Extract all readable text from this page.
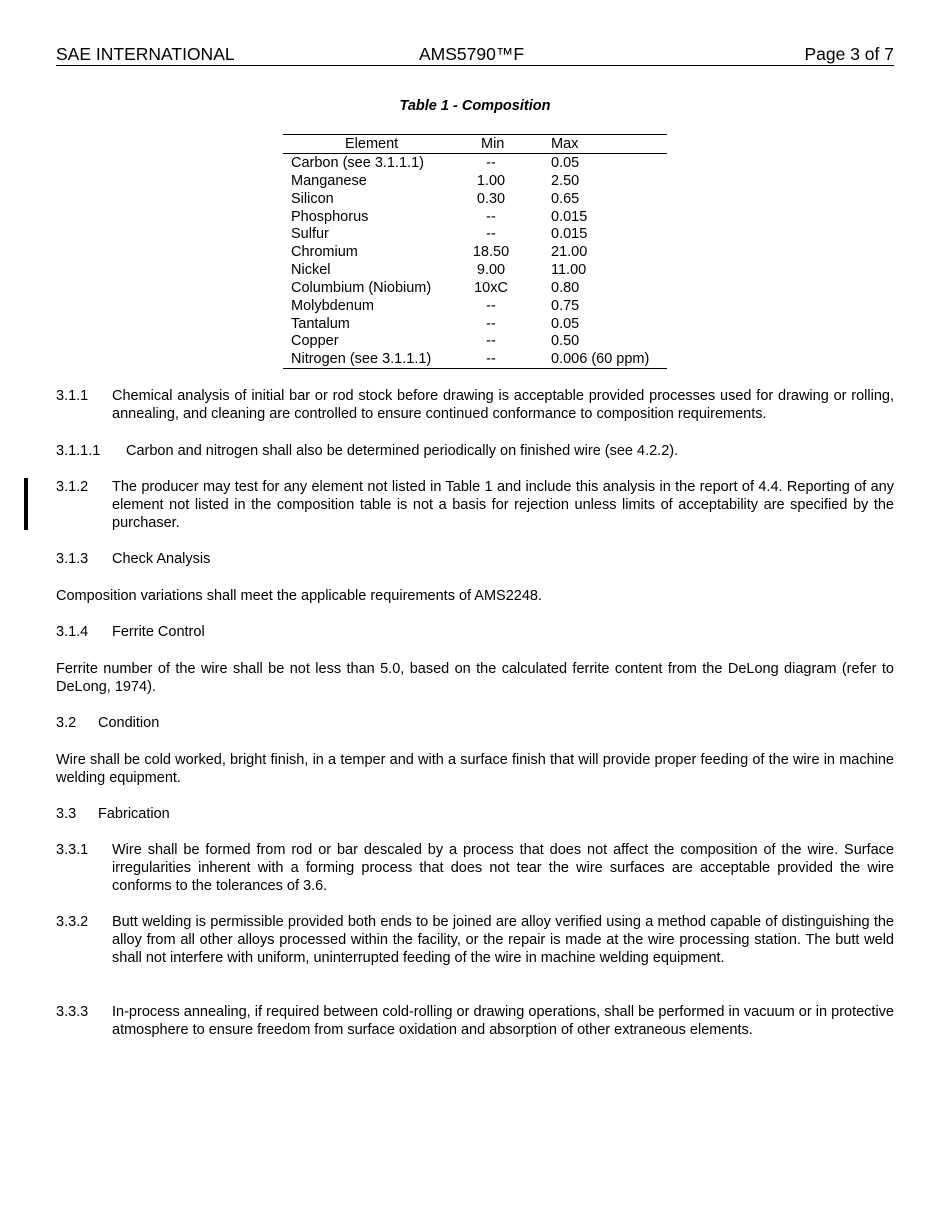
SAE INTERNATIONAL	AMS5790™F	Page 3 of 7
Table 1 - Composition
Element	Min	Max
Carbon (see 3.1.1.1)	--	0.05
Manganese	1.00	2.50
Silicon	0.30	0.65
Phosphorus	--	0.015
Sulfur	--	0.015
Chromium	18.50	21.00
Nickel	9.00	11.00
Columbium (Niobium)	10xC	0.80
Molybdenum	--	0.75
Tantalum	--	0.05
Copper	--	0.50
Nitrogen (see 3.1.1.1)	--	0.006 (60 ppm)
3.1.1 Chemical analysis of initial bar or rod stock before drawing is acceptable provided processes used for drawing or rolling, annealing, and cleaning are controlled to ensure continued conformance to composition requirements.
3.1.1.1 Carbon and nitrogen shall also be determined periodically on finished wire (see 4.2.2).
3.1.2 The producer may test for any element not listed in Table 1 and include this analysis in the report of 4.4. Reporting of any element not listed in the composition table is not a basis for rejection unless limits of acceptability are specified by the purchaser.
3.1.3 Check Analysis
Composition variations shall meet the applicable requirements of AMS2248.
3.1.4 Ferrite Control
Ferrite number of the wire shall be not less than 5.0, based on the calculated ferrite content from the DeLong diagram (refer to DeLong, 1974).
3.2 Condition
Wire shall be cold worked, bright finish, in a temper and with a surface finish that will provide proper feeding of the wire in machine welding equipment.
3.3 Fabrication
3.3.1 Wire shall be formed from rod or bar descaled by a process that does not affect the composition of the wire. Surface irregularities inherent with a forming process that does not tear the wire surfaces are acceptable provided the wire conforms to the tolerances of 3.6.
3.3.2 Butt welding is permissible provided both ends to be joined are alloy verified using a method capable of distinguishing the alloy from all other alloys processed within the facility, or the repair is made at the wire processing station. The butt weld shall not interfere with uniform, uninterrupted feeding of the wire in machine welding equipment.
3.3.3 In-process annealing, if required between cold-rolling or drawing operations, shall be performed in vacuum or in protective atmosphere to ensure freedom from surface oxidation and absorption of other extraneous elements.
